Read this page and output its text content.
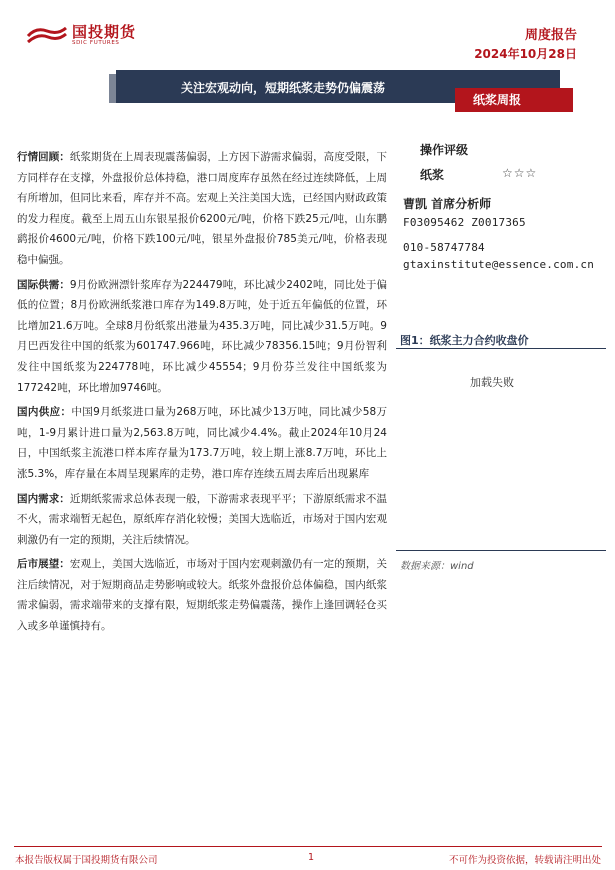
国投期货
SDIC FUTURES	周度报告
2024年10月28日
关注宏观动向，短期纸浆走势仍偏震荡
纸浆周报
操作评级
纸浆	☆☆☆
曹凯 首席分析师
F03095462 Z0017365
010-58747784
gtaxinstitute@essence.com.cn
图1：纸浆主力合约收盘价
加载失败
数据来源：wind

行情回顾：纸浆期货在上周表现震荡偏弱，上方因下游需求偏弱，高度受限，下方同样存在支撑，外盘报价总体持稳，港口周度库存虽然在经过连续降低，上周有所增加，但同比来看，库存并不高。宏观上关注美国大选，已经国内财政政策的发力程度。截至上周五山东银星报价6200元/吨，价格下跌25元/吨，山东鹏鹞报价4600元/吨，价格下跌100元/吨，银星外盘报价785美元/吨，价格表现稳中偏强。

国际供需：9月份欧洲漂针浆库存为224479吨，环比减少2402吨，同比处于偏低的位置；8月份欧洲纸浆港口库存为149.8万吨，处于近五年偏低的位置，环比增加21.6万吨。全球8月份纸浆出港量为435.3万吨，同比减少31.5万吨。9月巴西发往中国的纸浆为601747.966吨，环比减少78356.15吨；9月份智利发往中国纸浆为224778吨，环比减少45554；9月份芬兰发往中国纸浆为177242吨，环比增加9746吨。

国内供应：中国9月纸浆进口量为268万吨，环比减少13万吨，同比减少58万吨，1-9月累计进口量为2,563.8万吨，同比减少4.4%。截止2024年10月24日，中国纸浆主流港口样本库存量为173.7万吨，较上期上涨8.7万吨，环比上涨5.3%，库存量在本周呈现累库的走势，港口库存连续五周去库后出现累库

国内需求：近期纸浆需求总体表现一般，下游需求表现平平；下游原纸需求不温不火，需求端暂无起色，原纸库存消化较慢；美国大选临近，市场对于国内宏观刺激仍有一定的预期，关注后续情况。

后市展望：宏观上，美国大选临近，市场对于国内宏观刺激仍有一定的预期，关注后续情况，对于短期商品走势影响或较大。纸浆外盘报价总体偏稳，国内纸浆需求偏弱，需求端带来的支撑有限，短期纸浆走势偏震荡，操作上逢回调轻仓买入或多单谨慎持有。

本报告版权属于国投期货有限公司	1	不可作为投资依据，转载请注明出处
